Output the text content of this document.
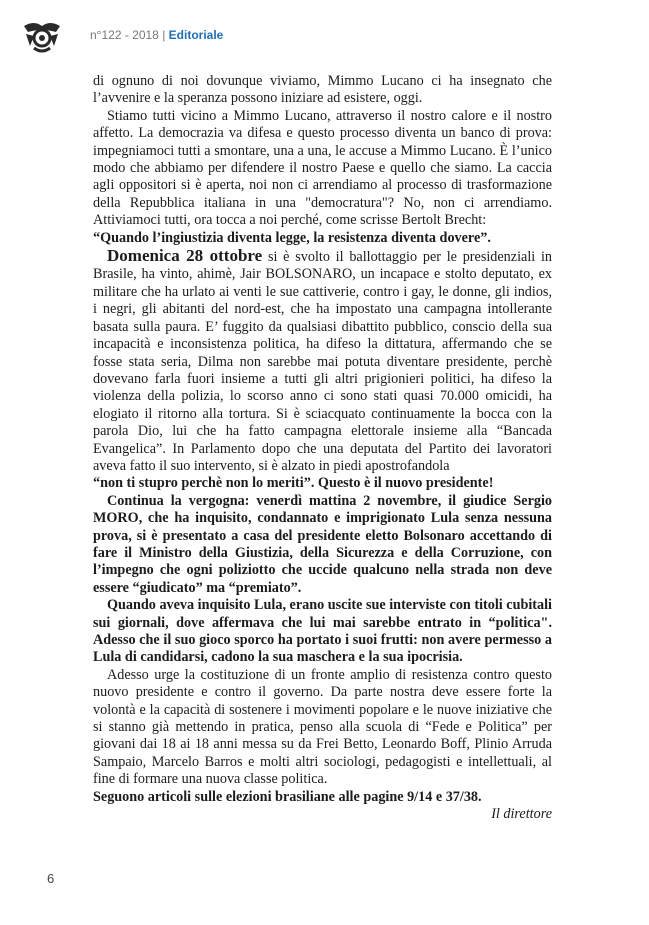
n°122 - 2018 | Editoriale

di ognuno di noi dovunque viviamo, Mimmo Lucano ci ha insegnato che l’avvenire e la speranza possono iniziare ad esistere, oggi.

Stiamo tutti vicino a Mimmo Lucano, attraverso il nostro calore e il nostro affetto. La democrazia va difesa e questo processo diventa un banco di prova: impegniamoci tutti a smontare, una a una, le accuse a Mimmo Lucano. È l’unico modo che abbiamo per difendere il nostro Paese e quello che siamo. La caccia agli oppositori si è aperta, noi non ci arrendiamo al processo di trasformazione della Repubblica italiana in una "democratura"? No, non ci arrendiamo. Attiviamoci tutti, ora tocca a noi perché, come scrisse Bertolt Brecht:

“Quando l’ingiustizia diventa legge, la resistenza diventa dovere”.

Domenica 28 ottobre si è svolto il ballottaggio per le presidenziali in Brasile, ha vinto, ahimè, Jair BOLSONARO, un incapace e stolto deputato, ex militare che ha urlato ai venti le sue cattiverie, contro i gay, le donne, gli indios, i negri, gli abitanti del nord-est, che ha impostato una campagna intollerante basata sulla paura. E’ fuggito da qualsiasi dibattito pubblico, conscio della sua incapacità e inconsistenza politica, ha difeso la dittatura, affermando che se fosse stata seria, Dilma non sarebbe mai potuta diventare presidente, perchè dovevano farla fuori insieme a tutti gli altri prigionieri politici, ha difeso la violenza della polizia, lo scorso anno ci sono stati quasi 70.000 omicidi, ha elogiato il ritorno alla tortura. Si è sciacquato continuamente la bocca con la parola Dio, lui che ha fatto campagna elettorale insieme alla “Bancada Evangelica”. In Parlamento dopo che una deputata del Partito dei lavoratori aveva fatto il suo intervento, si è alzato in piedi apostrofandola

“non ti stupro perchè non lo meriti”. Questo è il nuovo presidente!

Continua la vergogna: venerdì mattina 2 novembre, il giudice Sergio MORO, che ha inquisito, condannato e imprigionato Lula senza nessuna prova, si è presentato a casa del presidente eletto Bolsonaro accettando di fare il Ministro della Giustizia, della Sicurezza e della Corruzione, con l’impegno che ogni poliziotto che uccide qualcuno nella strada non deve essere “giudicato” ma “premiato”.

Quando aveva inquisito Lula, erano uscite sue interviste con titoli cubitali sui giornali, dove affermava che lui mai sarebbe entrato in “politica". Adesso che il suo gioco sporco ha portato i suoi frutti: non avere permesso a Lula di candidarsi, cadono la sua maschera e la sua ipocrisia.

Adesso urge la costituzione di un fronte amplio di resistenza contro questo nuovo presidente e contro il governo. Da parte nostra deve essere forte la volontà e la capacità di sostenere i movimenti popolare e le nuove iniziative che si stanno già mettendo in pratica, penso alla scuola di “Fede e Politica” per giovani dai 18 ai 18 anni messa su da Frei Betto, Leonardo Boff, Plinio Arruda Sampaio, Marcelo Barros e molti altri sociologi, pedagogisti e intellettuali, al fine di formare una nuova classe politica.

Seguono articoli sulle elezioni brasiliane alle pagine 9/14 e 37/38.

Il direttore

6
